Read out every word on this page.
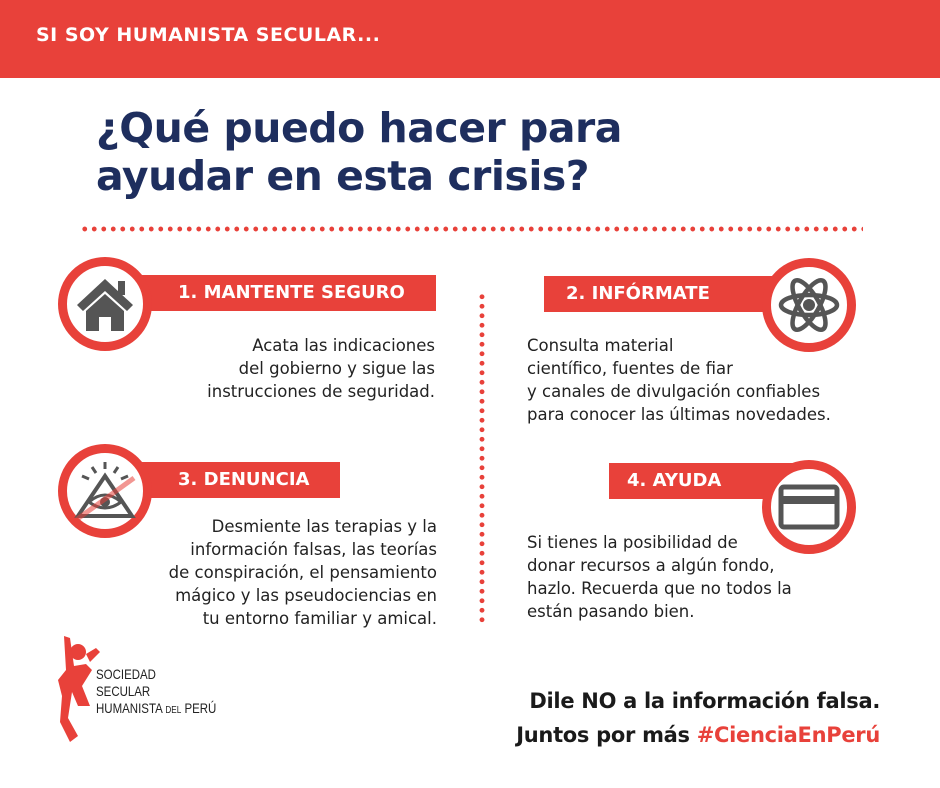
SI SOY HUMANISTA SECULAR...
¿Qué puedo hacer para
ayudar en esta crisis?
1. MANTENTE SEGURO
Acata las indicaciones
del gobierno y sigue las
instrucciones de seguridad.
2. INFÓRMATE
Consulta material
científico, fuentes de fiar
y canales de divulgación confiables
para conocer las últimas novedades.
3. DENUNCIA
Desmiente las terapias y la
información falsas, las teorías
de conspiración, el pensamiento
mágico y las pseudociencias en
tu entorno familiar y amical.
4. AYUDA
Si tienes la posibilidad de
donar recursos a algún fondo,
hazlo. Recuerda que no todos la
están pasando bien.
SOCIEDAD
SECULAR
HUMANISTA DEL PERÚ	Dile NO a la información falsa.
Juntos por más #CienciaEnPerú
